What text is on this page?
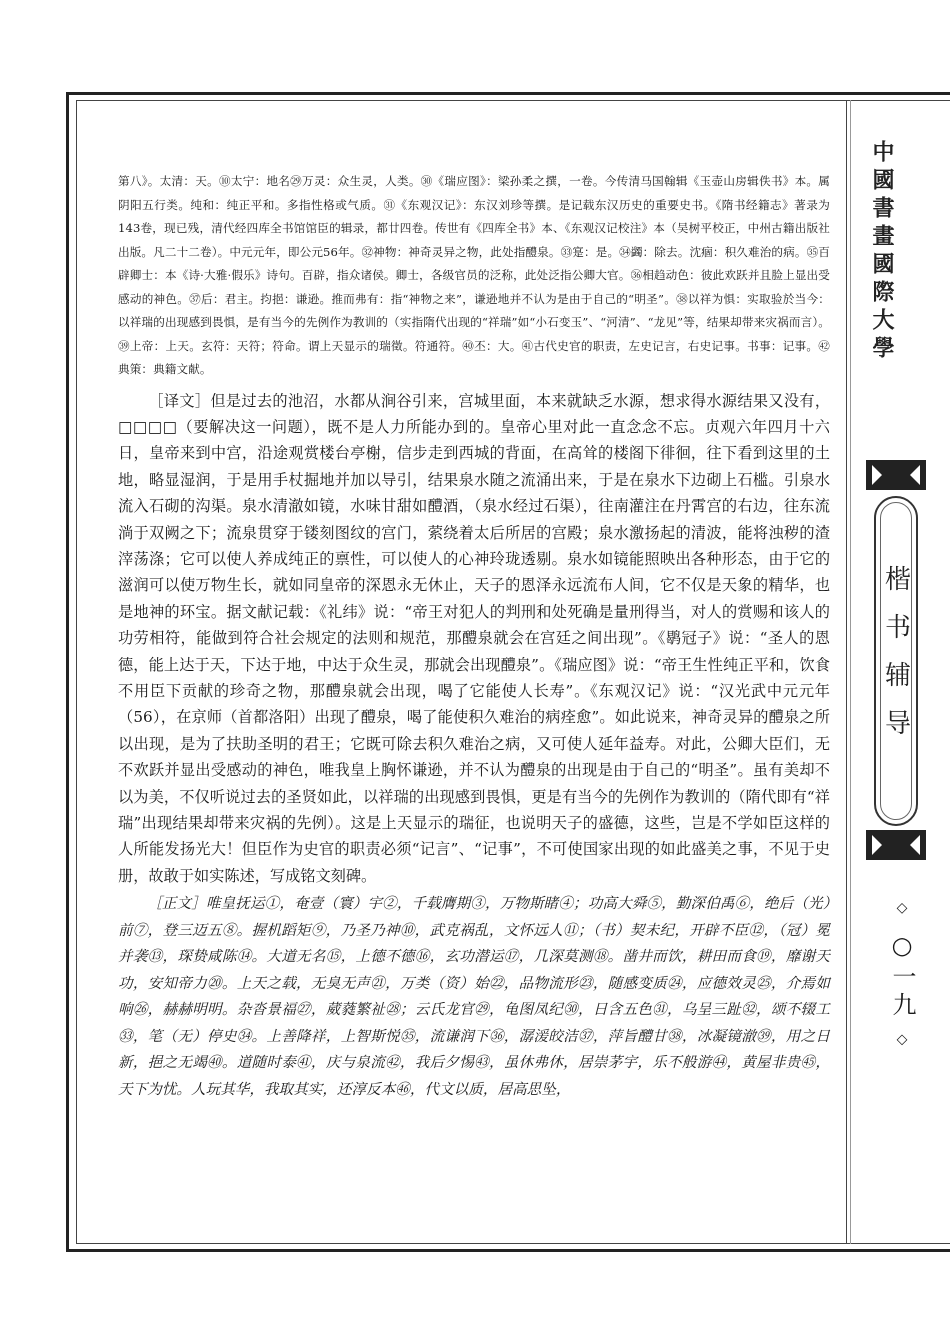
中國書畫國際大學
楷书辅导
◇ ○一九 ◇

第八》。太清：天。⑩太宁：地名㉙万灵：众生灵，人类。㉚《瑞应图》：梁孙柔之撰，一卷。今传清马国翰辑《玉壶山房辑佚书》本。属阴阳五行类。纯和：纯正平和。多指性格或气质。㉛《东观汉记》：东汉刘珍等撰。是记载东汉历史的重要史书。《隋书经籍志》著录为143卷，现已残，清代经四库全书馆馆臣的辑录，都廿四卷。传世有《四库全书》本、《东观汉记校注》本（吴树平校正，中州古籍出版社出版。凡二十二卷）。中元元年，即公元56年。㉜神物：神奇灵异之物，此处指醴泉。㉝寔：是。㉞蠲：除去。沈痼：积久难治的病。㉟百辟卿士：本《诗·大雅·假乐》诗句。百辟，指众诸侯。卿士，各级官员的泛称，此处泛指公卿大官。㊱相趋动色：彼此欢跃并且脸上显出受感动的神色。㊲后：君主。抣挹：谦逊。推而弗有：指“神物之来”，谦逊地并不认为是由于自己的“明圣”。㊳以祥为惧：实取验於当今：以祥瑞的出现感到畏惧，是有当今的先例作为教训的（实指隋代出现的“祥瑞”如“小石变玉”、“河清”、“龙见”等，结果却带来灾祸而言）。㊴上帝：上天。玄符：天符；符命。谓上天显示的瑞徵。符通符。㊵丕：大。㊶古代史官的职责，左史记言，右史记事。书事：记事。㊷典策：典籍文献。

［译文］但是过去的池沼，水都从涧谷引来，宫城里面，本来就缺乏水源，想求得水源结果又没有，□□□□（要解决这一问题），既不是人力所能办到的。皇帝心里对此一直念念不忘。贞观六年四月十六日，皇帝来到中宫，沿途观赏楼台亭榭，信步走到西城的背面，在高耸的楼阁下徘徊，往下看到这里的土地，略显湿润，于是用手杖掘地并加以导引，结果泉水随之流涌出来，于是在泉水下边砌上石槛。引泉水流入石砌的沟渠。泉水清澈如镜，水味甘甜如醴酒，（泉水经过石渠），往南灌注在丹霄宫的右边，往东流淌于双阙之下；流泉贯穿于镂刻图纹的宫门，萦绕着太后所居的宫殿；泉水激扬起的清波，能将浊秽的渣滓荡涤；它可以使人养成纯正的禀性，可以使人的心神玲珑透剔。泉水如镜能照映出各种形态，由于它的滋润可以使万物生长，就如同皇帝的深恩永无休止，天子的恩泽永远流布人间，它不仅是天象的精华，也是地神的环宝。据文献记载：《礼纬》说：“帝王对犯人的判刑和处死确是量刑得当，对人的赏赐和该人的功劳相符，能做到符合社会规定的法则和规范，那醴泉就会在宫廷之间出现”。《鹖冠子》说：“圣人的恩德，能上达于天，下达于地，中达于众生灵，那就会出现醴泉”。《瑞应图》说：“帝王生性纯正平和，饮食不用臣下贡献的珍奇之物，那醴泉就会出现，喝了它能使人长寿”。《东观汉记》说：“汉光武中元元年（56），在京师（首都洛阳）出现了醴泉，喝了能使积久难治的病痊愈”。如此说来，神奇灵异的醴泉之所以出现，是为了扶助圣明的君王；它既可除去积久难治之病，又可使人延年益寿。对此，公卿大臣们，无不欢跃并显出受感动的神色，唯我皇上胸怀谦逊，并不认为醴泉的出现是由于自己的“明圣”。虽有美却不以为美，不仅听说过去的圣贤如此，以祥瑞的出现感到畏惧，更是有当今的先例作为教训的（隋代即有“祥瑞”出现结果却带来灾祸的先例）。这是上天显示的瑞征，也说明天子的盛德，这些，岂是不学如臣这样的人所能发扬光大！但臣作为史官的职责必须“记言”、“记事”，不可使国家出现的如此盛美之事，不见于史册，故敢于如实陈述，写成铭文刻碑。

［正文］唯皇抚运①，奄壹（寰）宇②，千载膺期③，万物斯睹④；功高大舜⑤，勤深伯禹⑥，绝后（光）前⑦，登三迈五⑧。握机蹈矩⑨，乃圣乃神⑩，武克祸乱，文怀远人⑪；（书）契未纪，开辟不臣⑫，（冠）冕并袭⑬，琛贽咸陈⑭。大道无名⑮，上德不德⑯，玄功潜运⑰，几深莫测⑱。凿井而饮，耕田而食⑲，靡谢天功，安知帝力⑳。上天之载，无臭无声㉑，万类（资）始㉒，品物流形㉓，随感变质㉔，应德效灵㉕，介焉如响㉖，赫赫明明。杂沓景福㉗，葳蕤繁祉㉘；云氏龙官㉙，龟图凤纪㉚，日含五色㉛，乌呈三趾㉜，颂不辍工㉝，笔（无）停史㉞。上善降祥，上智斯悦㉟，流谦润下㊱，潺湲皎洁㊲，萍旨醴甘㊳，冰凝镜澈㊴，用之日新，挹之无竭㊵。道随时泰㊶，庆与泉流㊷，我后夕惕㊸，虽休弗休，居崇茅宇，乐不般游㊹，黄屋非贵㊺，天下为忧。人玩其华，我取其实，还淳反本㊻，代文以质，居高思坠，
